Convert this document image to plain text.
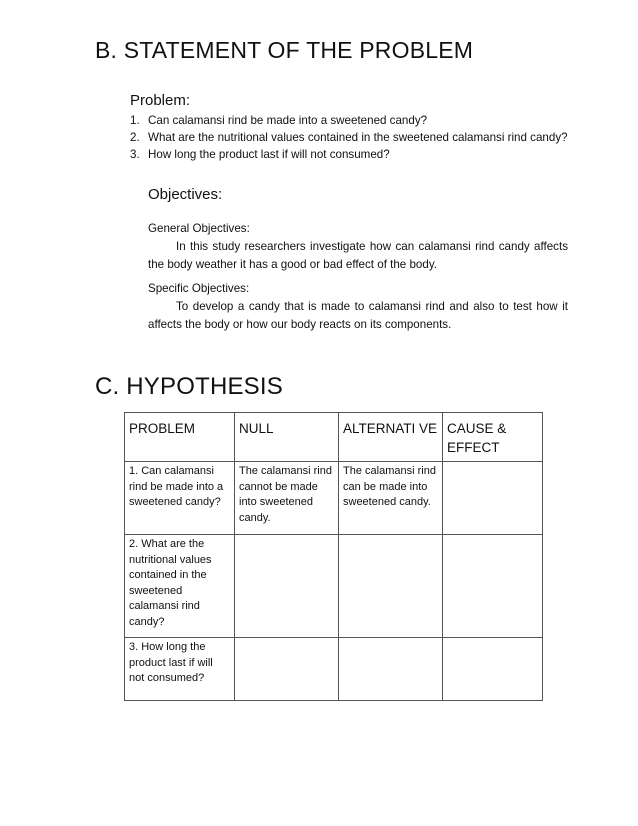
B. STATEMENT OF THE PROBLEM
Problem:
1. Can calamansi rind be made into a sweetened candy?
2. What are the nutritional values contained in the sweetened calamansi rind candy?
3. How long the product last if will not consumed?
Objectives:

General Objectives:

In this study researchers investigate how can calamansi rind candy affects the body weather it has a good or bad effect of the body.

Specific Objectives:

To develop a candy that is made to calamansi rind and also to test how it affects the body or how our body reacts on its components.

C. HYPOTHESIS
PROBLEM	NULL	ALTERNATI VE	CAUSE & EFFECT
1. Can calamansi rind be made into a sweetened candy?	The calamansi rind cannot be made into sweetened candy.	The calamansi rind can be made into sweetened candy.	
2. What are the nutritional values contained in the sweetened calamansi rind candy?			
3. How long the product last if will not consumed?			
